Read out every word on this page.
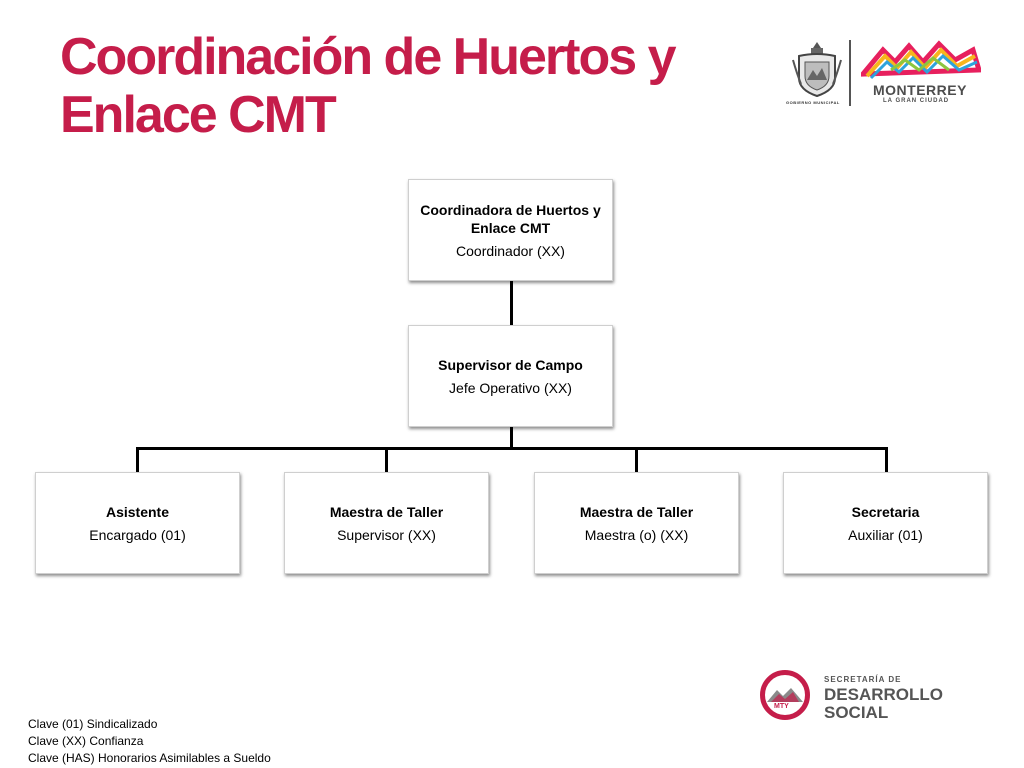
Coordinación de Huertos y
Enlace CMT	GOBIERNO MUNICIPAL
MONTERREY
LA GRAN CIUDAD
Coordinadora de Huertos y Enlace CMT
Coordinador (XX)
Supervisor de Campo
Jefe Operativo (XX)
Asistente
Encargado (01)
Maestra de Taller
Supervisor (XX)
Maestra de Taller
Maestra (o) (XX)
Secretaria
Auxiliar (01)
MTY
SECRETARÍA DE
DESARROLLO
SOCIAL
Clave (01) Sindicalizado
Clave (XX) Confianza
Clave (HAS) Honorarios Asimilables a Sueldo
